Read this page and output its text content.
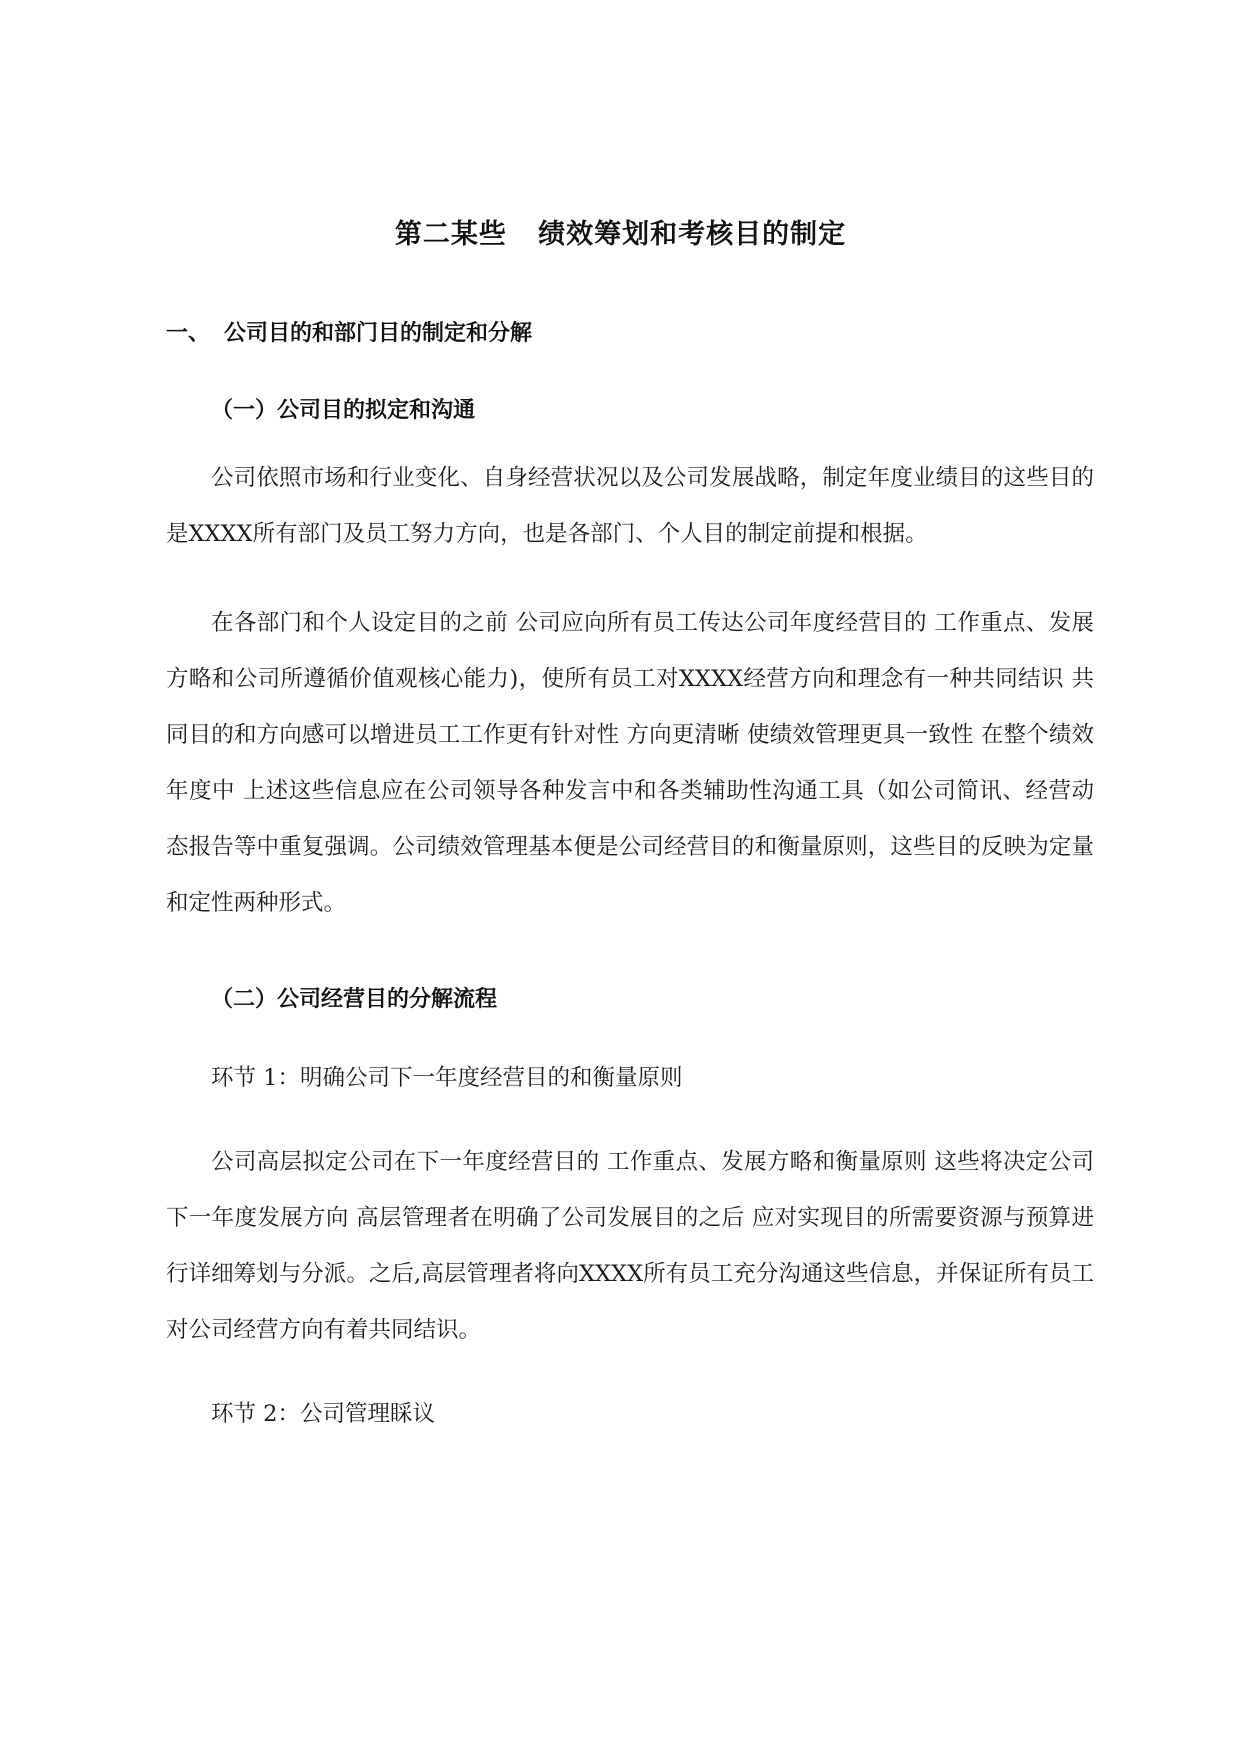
第二某些   绩效筹划和考核目的制定
一、 公司目的和部门目的制定和分解
（一）公司目的拟定和沟通
公司依照市场和行业变化、自身经营状况以及公司发展战略，制定年度业绩目的这些目的是XXXX所有部门及员工努力方向，也是各部门、个人目的制定前提和根据。
在各部门和个人设定目的之前 公司应向所有员工传达公司年度经营目的 工作重点、发展方略和公司所遵循价值观核心能力)，使所有员工对XXXX经营方向和理念有一种共同结识 共同目的和方向感可以增进员工工作更有针对性 方向更清晰 使绩效管理更具一致性 在整个绩效年度中 上述这些信息应在公司领导各种发言中和各类辅助性沟通工具（如公司简讯、经营动态报告等中重复强调。公司绩效管理基本便是公司经营目的和衡量原则，这些目的反映为定量和定性两种形式。
（二）公司经营目的分解流程
环节 1：明确公司下一年度经营目的和衡量原则
公司高层拟定公司在下一年度经营目的 工作重点、发展方略和衡量原则 这些将决定公司下一年度发展方向 高层管理者在明确了公司发展目的之后 应对实现目的所需要资源与预算进行详细筹划与分派。之后,高层管理者将向XXXX所有员工充分沟通这些信息，并保证所有员工对公司经营方向有着共同结识。
环节 2：公司管理睬议
